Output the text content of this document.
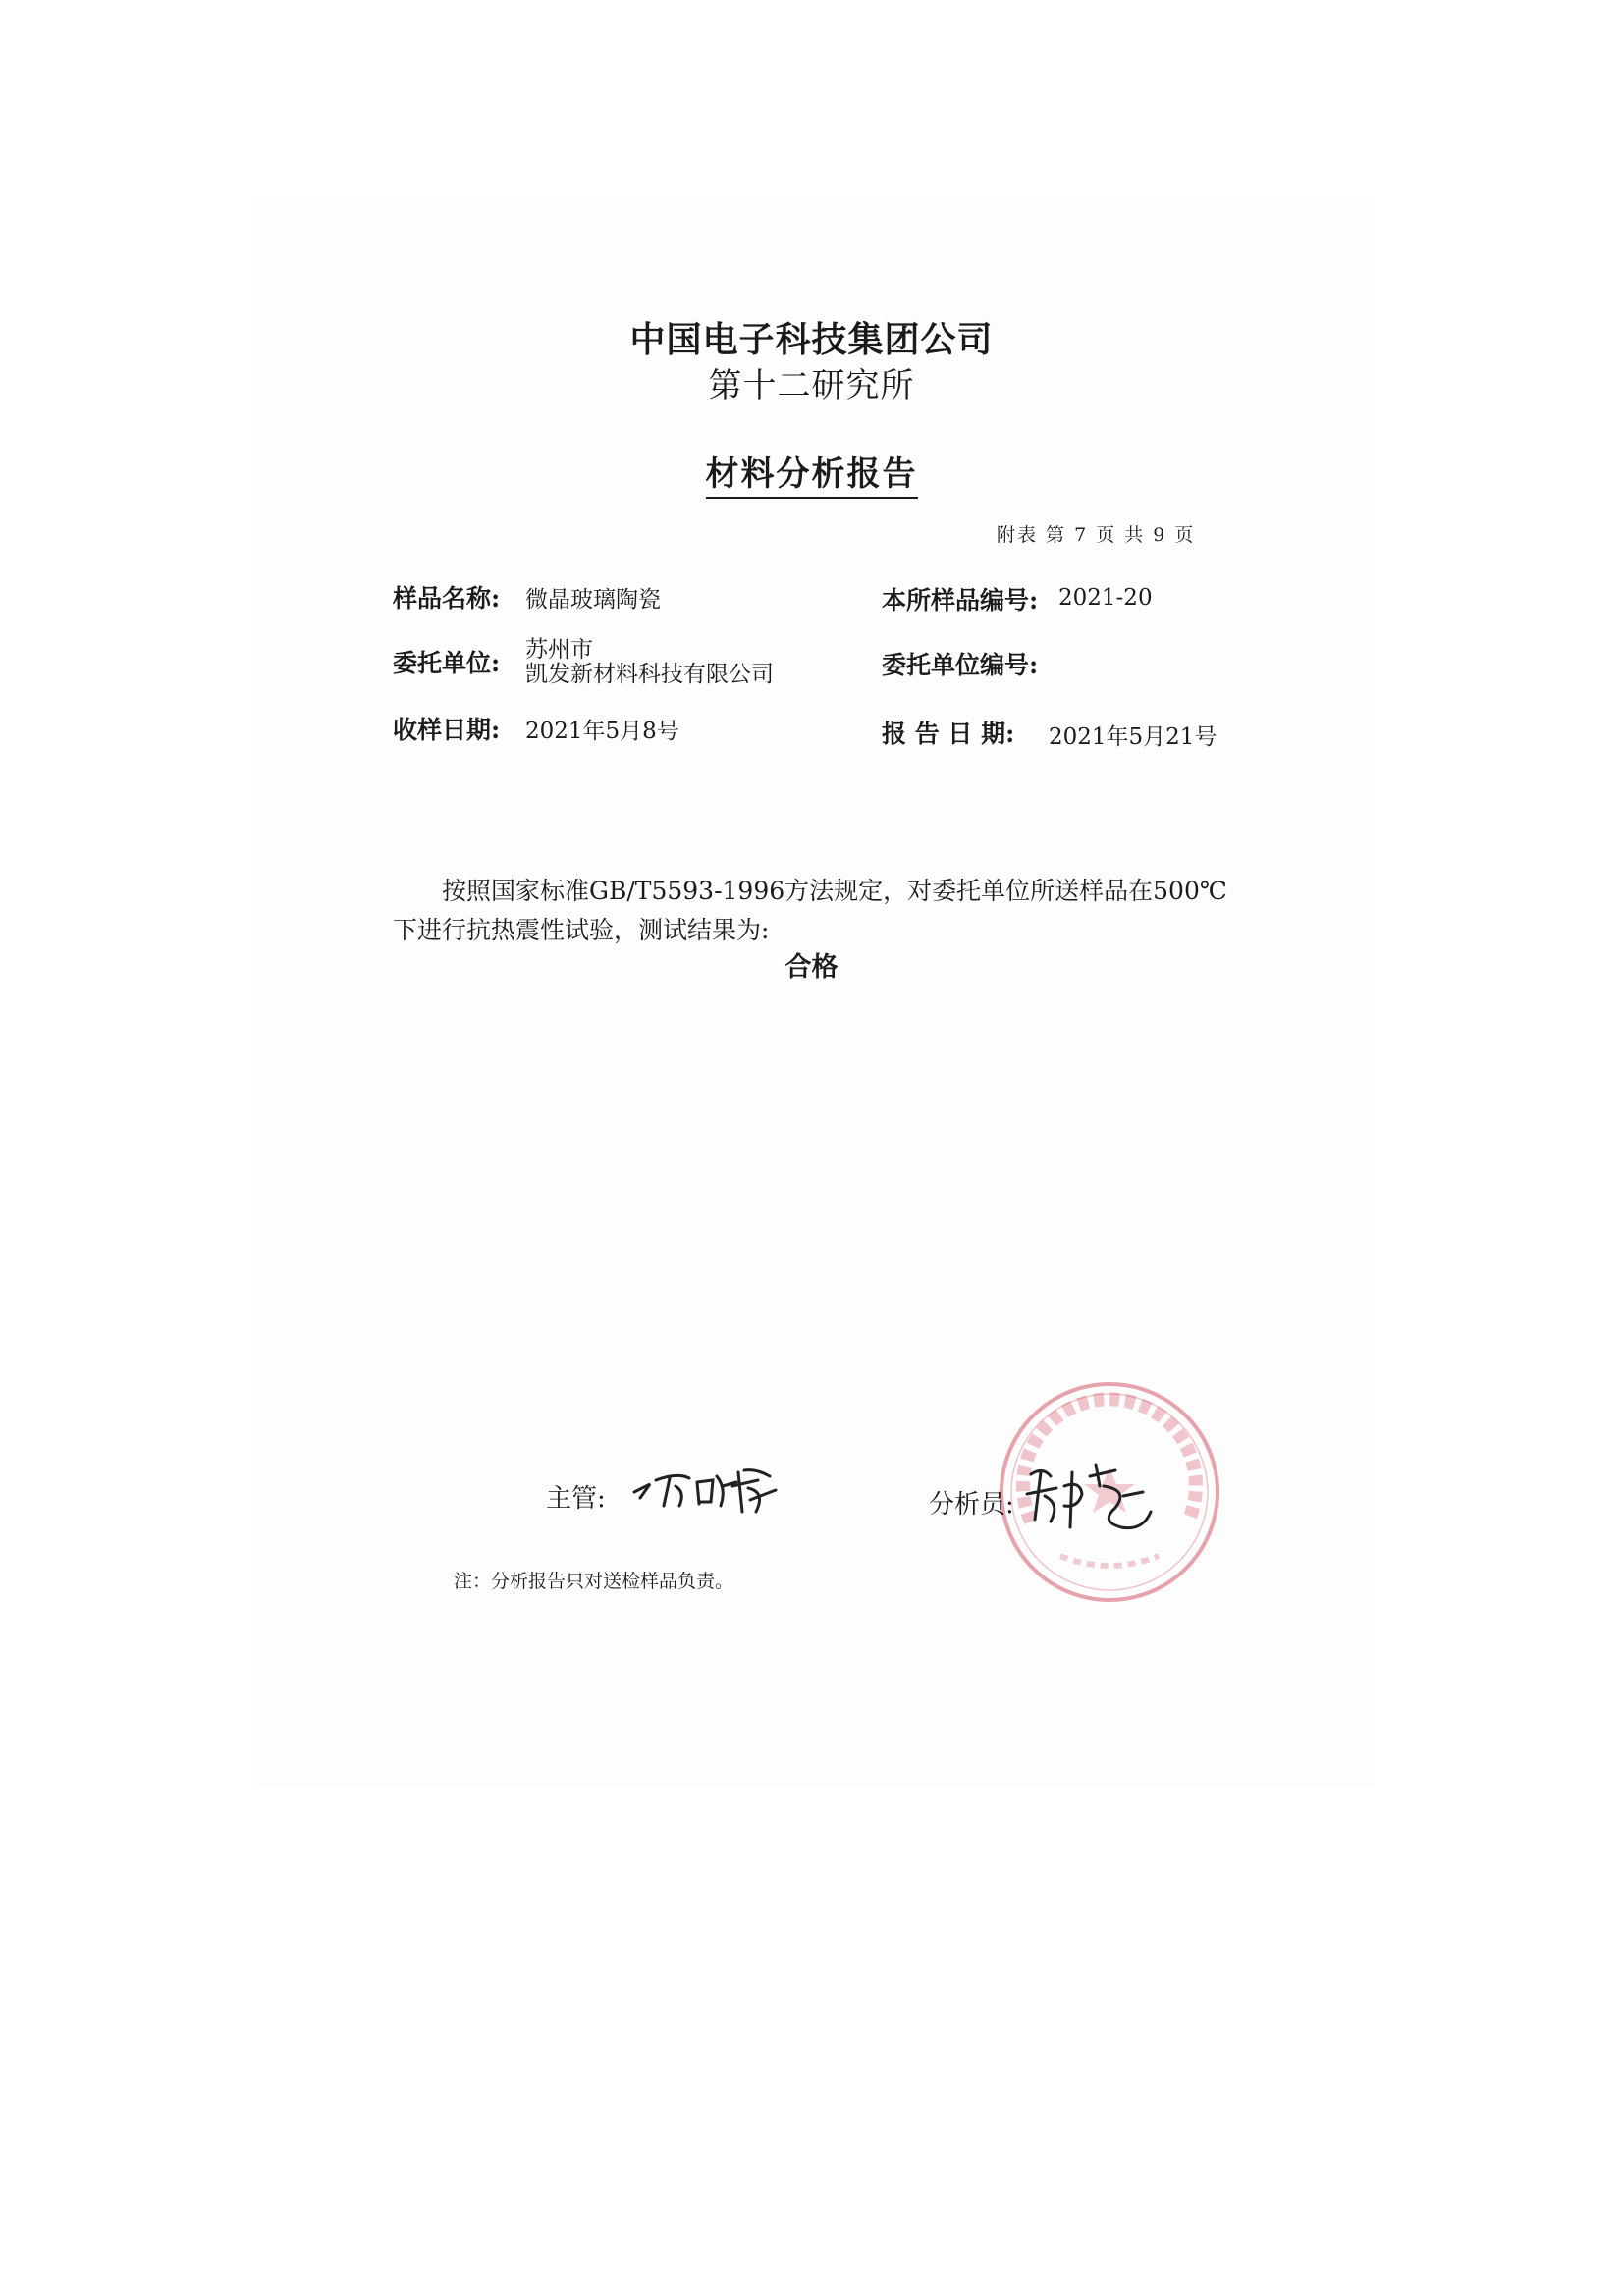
中国电子科技集团公司
第十二研究所
材料分析报告
附表 第 7 页 共 9 页
样品名称: 微晶玻璃陶瓷	本所样品编号: 2021-20
委托单位: 苏州市
凯发新材料科技有限公司	委托单位编号:
收样日期: 2021年5月8号	报 告 日 期: 2021年5月21号
按照国家标准GB/T5593-1996方法规定，对委托单位所送样品在500℃
下进行抗热震性试验，测试结果为:
合格
主管:	分析员:
注：分析报告只对送检样品负责。
